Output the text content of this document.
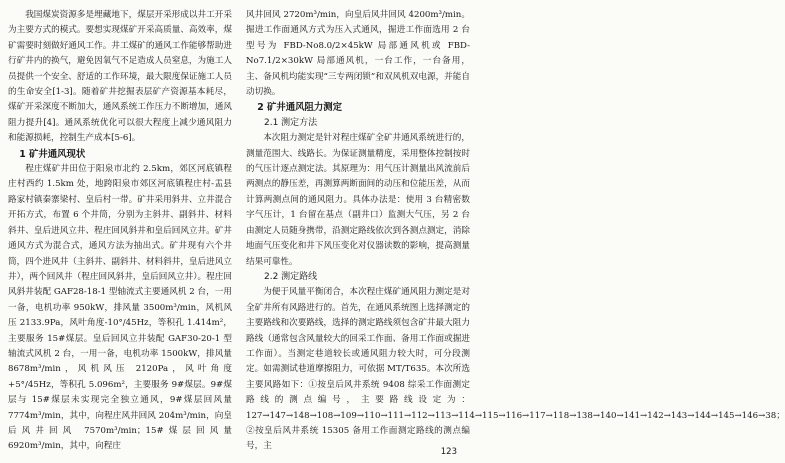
我国煤炭资源多是埋藏地下，煤层开采形成以井工开采为主要方式的模式。要想实现煤矿开采高质量、高效率，煤矿需要时刻做好通风工作。井工煤矿的通风工作能够帮助进行矿井内的换气，避免因氧气不足造成人员窒息，为施工人员提供一个安全、舒适的工作环境，最大限度保证施工人员的生命安全[1-3]。随着矿井挖掘表层矿产资源基本耗尽，煤矿开采深度不断加大，通风系统工作压力不断增加，通风阻力提升[4]。通风系统优化可以很大程度上减少通风阻力和能源损耗，控制生产成本[5-6]。

1 矿井通风现状

程庄煤矿井田位于阳泉市北约 2.5km，郊区河底镇程庄村西约 1.5km 处，地跨阳泉市郊区河底镇程庄村-盂县路家村镇秦寨梁村、皇后村一带。矿井采用斜井、立井混合开拓方式，布置 6 个井筒，分别为主斜井、副斜井、材料斜井、皇后进风立井、程庄回风斜井和皇后回风立井。矿井通风方式为混合式，通风方法为抽出式。矿井现有六个井筒，四个进风井（主斜井、副斜井、材料斜井，皇后进风立井），两个回风井（程庄回风斜井，皇后回风立井）。程庄回风斜井装配 GAF28-18-1 型轴流式主要通风机 2 台，一用一备，电机功率 950kW，排风量 3500m³/min，风机风压 2133.9Pa，风叶角度-10°/45Hz，等积孔 1.414m²，主要服务 15#煤层。皇后回风立井装配 GAF30-20-1 型轴流式风机 2 台，一用一备，电机功率 1500kW，排风量 8678m³/min，风机风压 2120Pa，风叶角度+5°/45Hz，等积孔 5.096m²，主要服务 9#煤层。9#煤层与 15#煤层未实现完全独立通风，9#煤层回风量 7774m³/min，其中，向程庄风井回风 204m³/min，向皇后风井回风 7570m³/min；15#煤层回风量 6920m³/min，其中，向程庄

风井回风 2720m³/min，向皇后风井回风 4200m³/min。掘进工作面通风方式为压入式通风，掘进工作面选用 2 台型号为 FBD-No8.0/2×45kW 局部通风机或 FBD-No7.1/2×30kW 局部通风机，一台工作，一台备用，主、备风机均能实现“三专两闭锁”和双风机双电源，并能自动切换。

2 矿井通风阻力测定
2.1 测定方法

本次阻力测定是针对程庄煤矿全矿井通风系统进行的，测量范围大、线路长。为保证测量精度，采用整体控制按时的气压计逐点测定法。其原理为：用气压计测量出风流前后两测点的静压差，再测算两断面间的动压和位能压差，从而计算两测点间的通风阻力。具体办法是：使用 3 台精密数字气压计，1 台留在基点（副井口）监测大气压，另 2 台由测定人员随身携带，沿测定路线依次到各测点测定，消除地面气压变化和井下风压变化对仪器读数的影响，提高测量结果可靠性。

2.2 测定路线

为便于风量平衡闭合，本次程庄煤矿通风阻力测定是对全矿井所有风路进行的。首先，在通风系统图上选择测定的主要路线和次要路线，选择的测定路线须包含矿井最大阻力路线（通常包含风量较大的回采工作面、备用工作面或掘进工作面）。当测定巷道较长或通风阻力较大时，可分段测定。如需测试巷道摩擦阻力，可依据 MT/T635。本次所选主要风路如下：①按皇后风井系统 9408 综采工作面测定路线的测点编号，主要路线设定为：127→147→148→108→109→110→111→112→113→114→115→116→117→118→138→140→141→142→143→144→145→146→38；②按皇后风井系统 15305 备用工作面测定路线的测点编号，主

123
